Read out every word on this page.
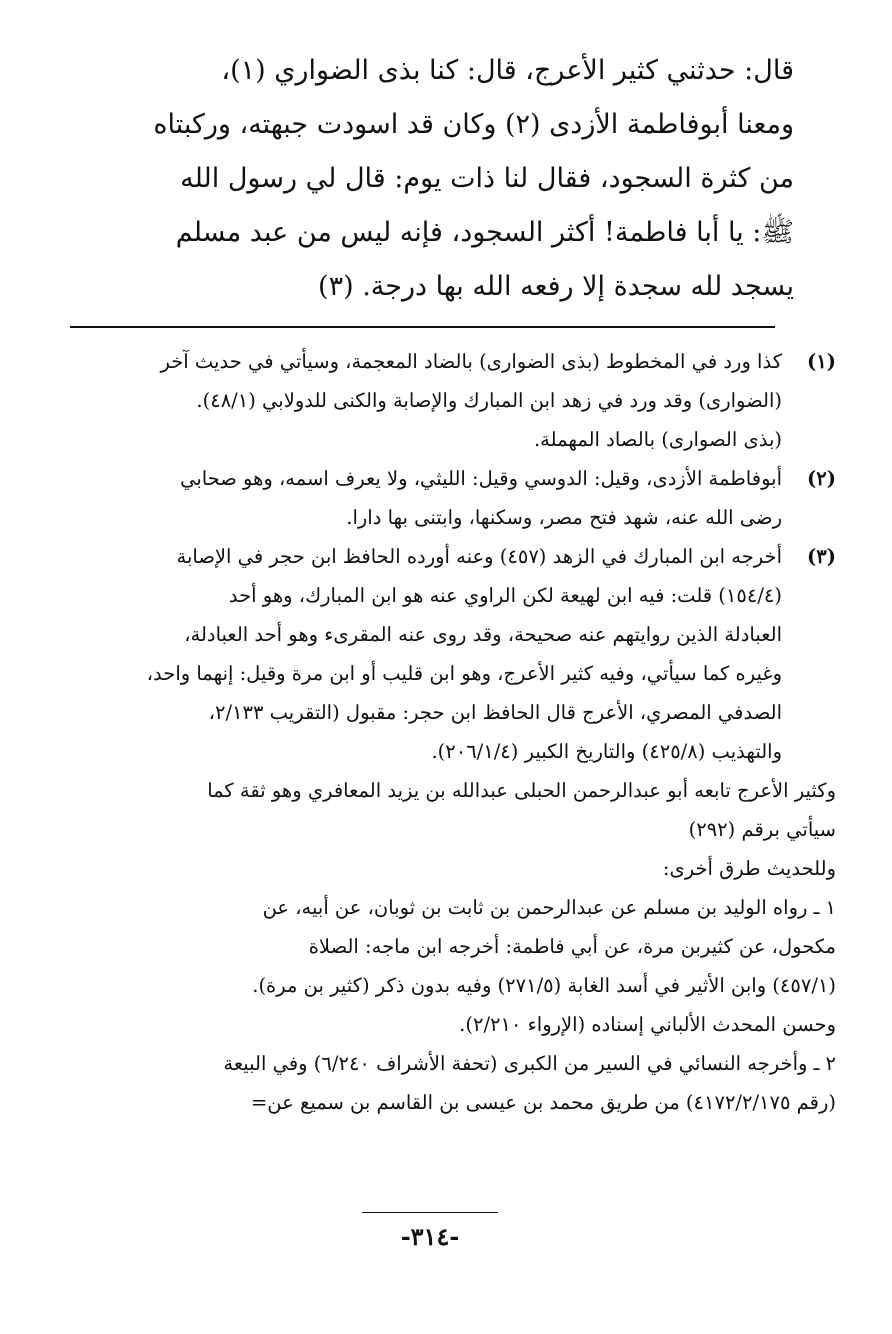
قال: حدثني كثير الأعرج، قال: كنا بذى الضواري (١)،

ومعنا أبوفاطمة الأزدى (٢) وكان قد اسودت جبهته، وركبتاه

من كثرة السجود، فقال لنا ذات يوم: قال لي رسول الله

ﷺ: يا أبا فاطمة! أكثر السجود، فإنه ليس من عبد مسلم

يسجد لله سجدة إلا رفعه الله بها درجة. (٣)

(١)
كذا ورد في المخطوط (بذى الضوارى) بالضاد المعجمة، وسيأتي في حديث آخر
(الضوارى) وقد ورد في زهد ابن المبارك والإصابة والكنى للدولابي (٤٨/١).
(بذى الصوارى) بالصاد المهملة.
(٢)
أبوفاطمة الأزدى، وقيل: الدوسي وقيل: الليثي، ولا يعرف اسمه، وهو صحابي
رضى الله عنه، شهد فتح مصر، وسكنها، وابتنى بها دارا.
(٣)
أخرجه ابن المبارك في الزهد (٤٥٧) وعنه أورده الحافظ ابن حجر في الإصابة
(١٥٤/٤) قلت: فيه ابن لهيعة لكن الراوي عنه هو ابن المبارك، وهو أحد
العبادلة الذين روايتهم عنه صحيحة، وقد روى عنه المقرىء وهو أحد العبادلة،
وغيره كما سيأتي، وفيه كثير الأعرج، وهو ابن قليب أو ابن مرة وقيل: إنهما واحد،
الصدفي المصري، الأعرج قال الحافظ ابن حجر: مقبول (التقريب ٢/١٣٣،
والتهذيب (٤٢٥/٨) والتاريخ الكبير (٢٠٦/١/٤).
وكثير الأعرج تابعه أبو عبدالرحمن الحبلى عبدالله بن يزيد المعافري وهو ثقة كما
سيأتي برقم (٢٩٢)
وللحديث طرق أخرى:
١ ـ رواه الوليد بن مسلم عن عبدالرحمن بن ثابت بن ثوبان، عن أبيه، عن
مكحول، عن كثيربن مرة، عن أبي فاطمة: أخرجه ابن ماجه: الصلاة
(٤٥٧/١) وابن الأثير في أسد الغابة (٢٧١/٥) وفيه بدون ذكر (كثير بن مرة).
وحسن المحدث الألباني إسناده (الإرواء ٢/٢١٠).
٢ ـ وأخرجه النسائي في السير من الكبرى (تحفة الأشراف ٦/٢٤٠) وفي البيعة
(رقم ٤١٧٢/٢/١٧٥) من طريق محمد بن عيسى بن القاسم بن سميع عن=
-٣١٤-
